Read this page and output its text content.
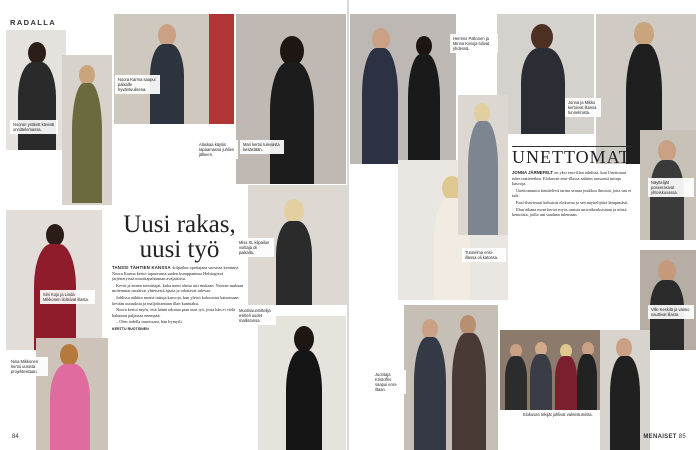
RADALLA
Nooran ystävät kävivät onnittelemassa.
Noora Karma saapui paikalle hyväntuulisena.
Alaskaa käytiin tapaamassa juhlien jälkeen.
Mari kertoi tulevasta kesästään.
Sini Kojo ja Linda Mikkonen iloitsivat illasta.
Miss XL kilpailun voittaja oli paikalla.
Nina Mikkonen kertoi uusista projekteistaan.
Muotisuunnittelija esitteli uudet mallistonsa.
Uusi rakas, uusi työ

TANSSI TÄHTIEN KANSSA -kilpailun opettajana suosiota kerännyt Noora Karma kertoi tapaavansa uuden kumppaninsa Helsingissä järjestetyissä muotitapahtuman avajaisissa.

Kevät ja ennen toimittajat, kuka meni alusta asti mukaan. Nooran mukaan molemmat nauttivat yhteisestä ajasta ja odottavat tulevaa.

Juhlissa nähtiin monia tuttuja kasvoja, kun yleisö kokoontui katsomaan kevään uutuuksia ja maljoittamaan illan kunniaksi.

Noora kertoi myös, että häntä odottaa pian uusi työ, josta hän ei vielä halunnut paljastaa enempää.

– Olen todella innoissani, hän hymyili.

KERTTU RUOTSINEN
84
Hemmo Paltonen ja Minna Kivioja tulivat yhdessä.
Tunnelma ensi-illassa oli katossa.
Jonna ja Mikko kertoivat iltansa tunnelmista.
Ville Keskilä ja vaimo nauttivat illasta.
Näyttelijät poseerasivat yhteiskuvassa.
Juontaja Kristoffer saapui ensi-iltaan.
Elokuvan tekijät juhlivat valmistumista.
UNETTOMAT

JONNA JÄRNEFELT on yksi ensi-illan tähdistä, kun Unettomat tulee teattereihin. Elokuvan ensi-illassa nähtiin runsaasti tuttuja kasvoja.

Unettomuutta käsittelevä tarina seuraa joukkoa ihmisiä, joita uni ei tule.

Ensi-iltavieraat kehuivat elokuvaa ja sen näyttelijöitä lämpimästi.

Illan aikana moni kertoi myös omista univaikeuksistaan ja niistä keinoista, joilla uni saadaan tulemaan.

MENAISET 85
